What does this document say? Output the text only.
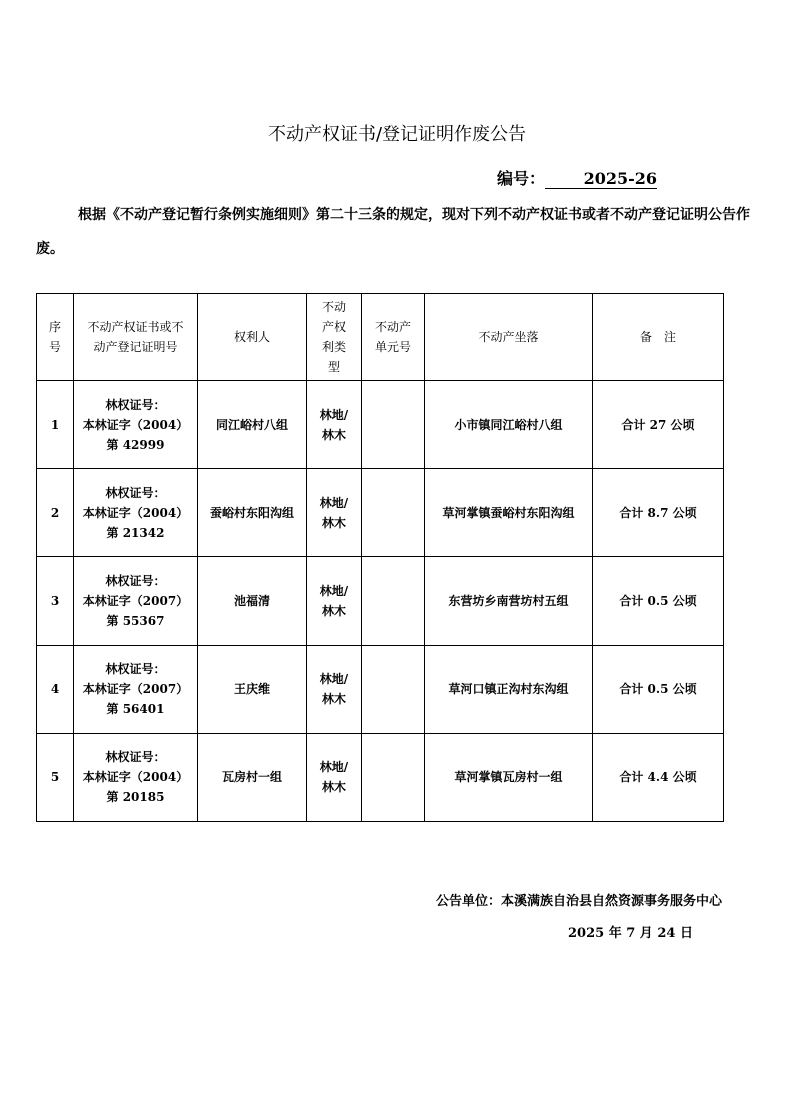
不动产权证书/登记证明作废公告
编号： 2025-26
根据《不动产登记暂行条例实施细则》第二十三条的规定，现对下列不动产权证书或者不动产登记证明公告作废。
序号	不动产权证书或不动产登记证明号	权利人	不动产权利类型	不动产单元号	不动产坐落	备　注
1	林权证号：
本林证字（2004）
第 42999	同江峪村八组	林地/林木		小市镇同江峪村八组	合计 27 公顷
2	林权证号：
本林证字（2004）
第 21342	蚕峪村东阳沟组	林地/林木		草河掌镇蚕峪村东阳沟组	合计 8.7 公顷
3	林权证号：
本林证字（2007）
第 55367	池福清	林地/林木		东营坊乡南营坊村五组	合计 0.5 公顷
4	林权证号：
本林证字（2007）
第 56401	王庆维	林地/林木		草河口镇正沟村东沟组	合计 0.5 公顷
5	林权证号：
本林证字（2004）
第 20185	瓦房村一组	林地/林木		草河掌镇瓦房村一组	合计 4.4 公顷
公告单位：本溪满族自治县自然资源事务服务中心
2025 年 7 月 24 日
